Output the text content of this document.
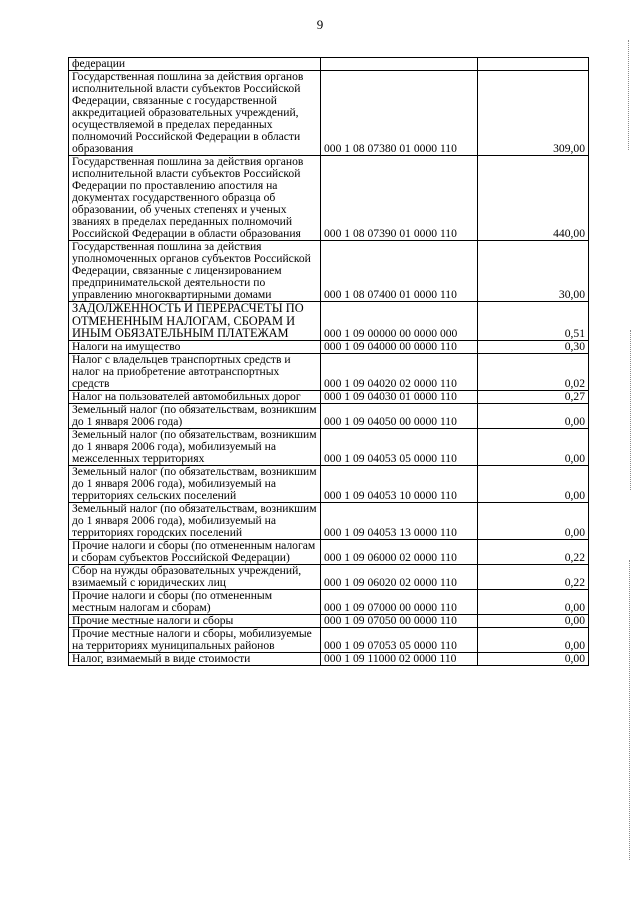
9
федерации		
Государственная пошлина за действия органов исполнительной власти субъектов Российской Федерации, связанные с государственной аккредитацией образовательных учреждений, осуществляемой в пределах переданных полномочий Российской Федерации в области образования	000 1 08 07380 01 0000 110	309,00
Государственная пошлина за действия органов исполнительной власти субъектов Российской Федерации по проставлению апостиля на документах государственного образца об образовании, об ученых степенях и ученых званиях в пределах переданных полномочий Российской Федерации в области образования	000 1 08 07390 01 0000 110	440,00
Государственная пошлина за действия уполномоченных органов субъектов Российской Федерации, связанные с лицензированием предпринимательской деятельности по управлению многоквартирными домами	000 1 08 07400 01 0000 110	30,00
ЗАДОЛЖЕННОСТЬ И ПЕРЕРАСЧЕТЫ ПО ОТМЕНЕННЫМ НАЛОГАМ, СБОРАМ И ИНЫМ ОБЯЗАТЕЛЬНЫМ ПЛАТЕЖАМ	000 1 09 00000 00 0000 000	0,51
Налоги на имущество	000 1 09 04000 00 0000 110	0,30
Налог с владельцев транспортных средств и налог на приобретение автотранспортных средств	000 1 09 04020 02 0000 110	0,02
Налог на пользователей автомобильных дорог	000 1 09 04030 01 0000 110	0,27
Земельный налог (по обязательствам, возникшим до 1 января 2006 года)	000 1 09 04050 00 0000 110	0,00
Земельный налог (по обязательствам, возникшим до 1 января 2006 года), мобилизуемый на межселенных территориях	000 1 09 04053 05 0000 110	0,00
Земельный налог (по обязательствам, возникшим до 1 января 2006 года), мобилизуемый на территориях сельских поселений	000 1 09 04053 10 0000 110	0,00
Земельный налог (по обязательствам, возникшим до 1 января 2006 года), мобилизуемый на территориях городских поселений	000 1 09 04053 13 0000 110	0,00
Прочие налоги и сборы (по отмененным налогам и сборам субъектов Российской Федерации)	000 1 09 06000 02 0000 110	0,22
Сбор на нужды образовательных учреждений, взимаемый с юридических лиц	000 1 09 06020 02 0000 110	0,22
Прочие налоги и сборы (по отмененным местным налогам и сборам)	000 1 09 07000 00 0000 110	0,00
Прочие местные налоги и сборы	000 1 09 07050 00 0000 110	0,00
Прочие местные налоги и сборы, мобилизуемые на территориях муниципальных районов	000 1 09 07053 05 0000 110	0,00
Налог, взимаемый в виде стоимости	000 1 09 11000 02 0000 110	0,00
